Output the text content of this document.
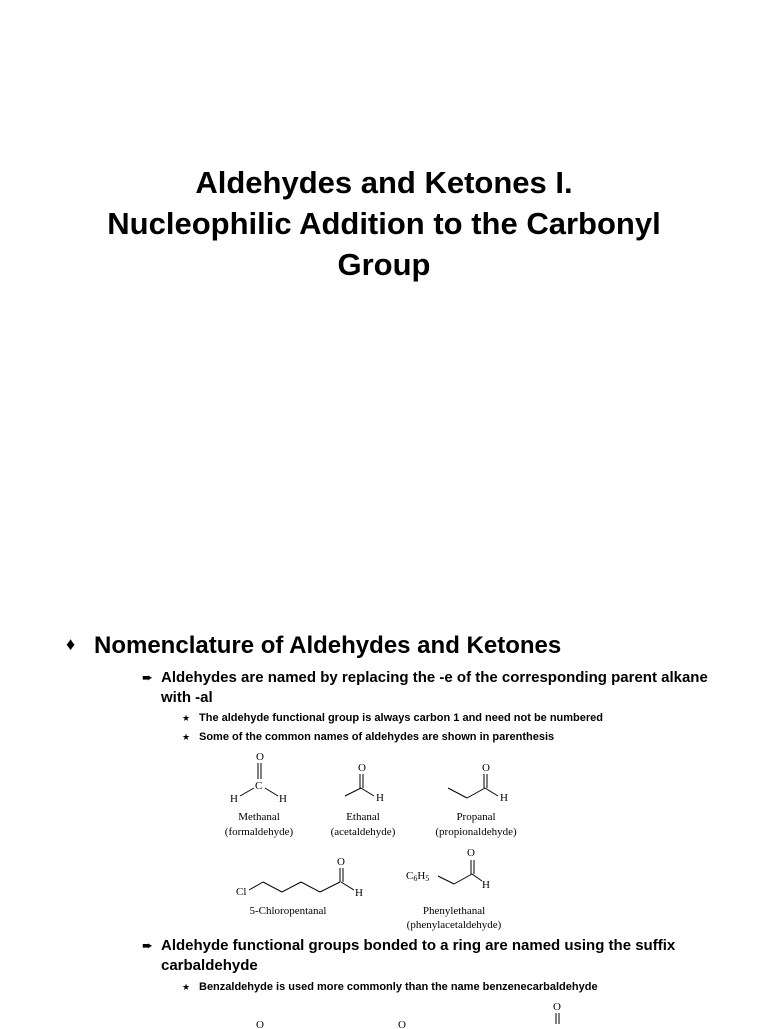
Aldehydes and Ketones I.
Nucleophilic Addition to the Carbonyl
Group
♦ Nomenclature of Aldehydes and Ketones
➨ Aldehydes are named by replacing the -e of the corresponding parent alkane with -al
★ The aldehyde functional group is always carbon 1 and need not be numbered
★ Some of the common names of aldehydes are shown in parenthesis
O
C
H	H
Methanal
(formaldehyde)
O
H
Ethanal
(acetaldehyde)
O
H
Propanal
(propionaldehyde)
Cl
O
H
5-Chloropentanal
C6H5
O
H
Phenylethanal
(phenylacetaldehyde)
➨ Aldehyde functional groups bonded to a ring are named using the suffix carbaldehyde
★ Benzaldehyde is used more commonly than the name benzenecarbaldehyde
O	O
O
